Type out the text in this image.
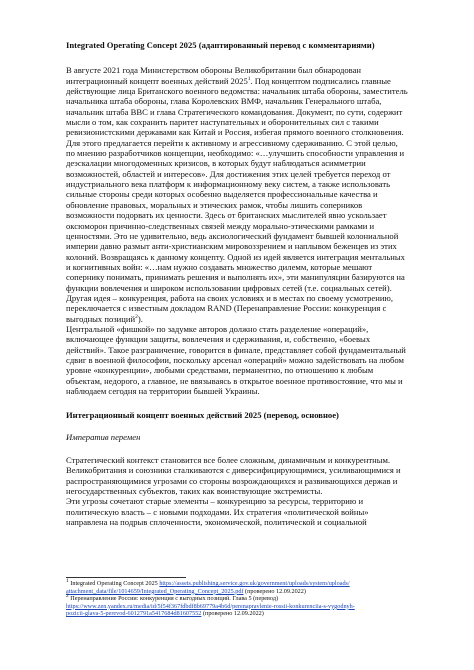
Integrated Operating Concept 2025 (адаптированный перевод с комментариями)

В августе 2021 года Министерством обороны Великобритании был обнародован интеграционный концепт военных действий 2025$^1$. Под концептом подписались главные действующие лица Британского военного ведомства: начальник штаба обороны, заместитель начальника штаба обороны, глава Королевских ВМФ, начальник Генерального штаба, начальник штаба ВВС и глава Стратегического командования. Документ, по сути, содержит мысли о том, как сохранить паритет наступательных и оборонительных сил с такими ревизионистскими державами как Китай и Россия, избегая прямого военного столкновения. Для этого предлагается перейти к активному и агрессивному сдерживанию. С этой целью, по мнению разработчиков концепции, необходимо: «…улучшить способности управления и деэскалации многодоменных кризисов, в которых будут наблюдаться асимметрии возможностей, областей и интересов». Для достижения этих целей требуется переход от индустриального века платформ к информационному веку систем, а также использовать сильные стороны среди которых особенно выделяется профессиональные качества и обновление правовых, моральных и этических рамок, чтобы лишить соперников возможности подорвать их ценности. Здесь от британских мыслителей явно ускользает оксюморон причинно-следственных связей между морально-этическими рамками и ценностями. Это не удивительно, ведь аксиологический фундамент бывшей колониальной империи давно размыт анти-христианским мировоззрением и наплывом беженцев из этих колоний. Возвращаясь к данному концепту. Одной из идей является интеграция ментальных и когнитивных войн: «…нам нужно создавать множество дилемм, которые мешают сопернику понимать, принимать решения и выполнять их», эти манипуляции базируются на функции вовлечения и широком использовании цифровых сетей (т.е. социальных сетей). Другая идея – конкуренция, работа на своих условиях и в местах по своему усмотрению, переключается с известным докладом RAND (Перенаправление России: конкуренция с выгодных позиций$^2$).

Центральной «фишкой» по задумке авторов должно стать разделение «операций», включающее функции защиты, вовлечения и сдерживания, и, собственно, «боевых действий». Такое разграничение, говорится в финале, представляет собой фундаментальный сдвиг в военной философии, поскольку арсенал «операций» можно задействовать на любом уровне «конкуренции», любыми средствами, перманентно, по отношению к любым объектам, недорого, а главное, не ввязываясь в открытое военное противостояние, что мы и наблюдаем сегодня на территории бывшей Украины.

Интеграционный концепт военных действий 2025 (перевод, основное)

Императив перемен

Стратегический контекст становится все более сложным, динамичным и конкурентным. Великобритания и союзники сталкиваются с диверсифицирующимися, усиливающимися и распространяющимися угрозами со стороны возрождающихся и развивающихся держав и негосударственных субъектов, таких как воинствующие экстремисты.

Эти угрозы сочетают старые элементы – конкуренцию за ресурсы, территорию и политическую власть – с новыми подходами. Их стратегия «политической войны» направлена на подрыв сплоченности, экономической, политической и социальной

$^1$ Integrated Operating Concept 2025 https://assets.publishing.service.gov.uk/government/uploads/system/uploads/
attachment_data/file/1014659/Integrated_Operating_Concept_2025.pdf (проверено 12.09.2022)

$^2$ Перенаправление России: конкуренция с выгодных позиций. Глава 5 (перевод)
https://www.zen.yandex.ru/media/id/5f54f367fdbdf8b69779a4b6d/perenapravlenie-rossii-konkurenciia-s-vygodnyh-
pozicii-glava-5-perevod-6012791a5417684d81607552 (проверено 12.09.2022)
